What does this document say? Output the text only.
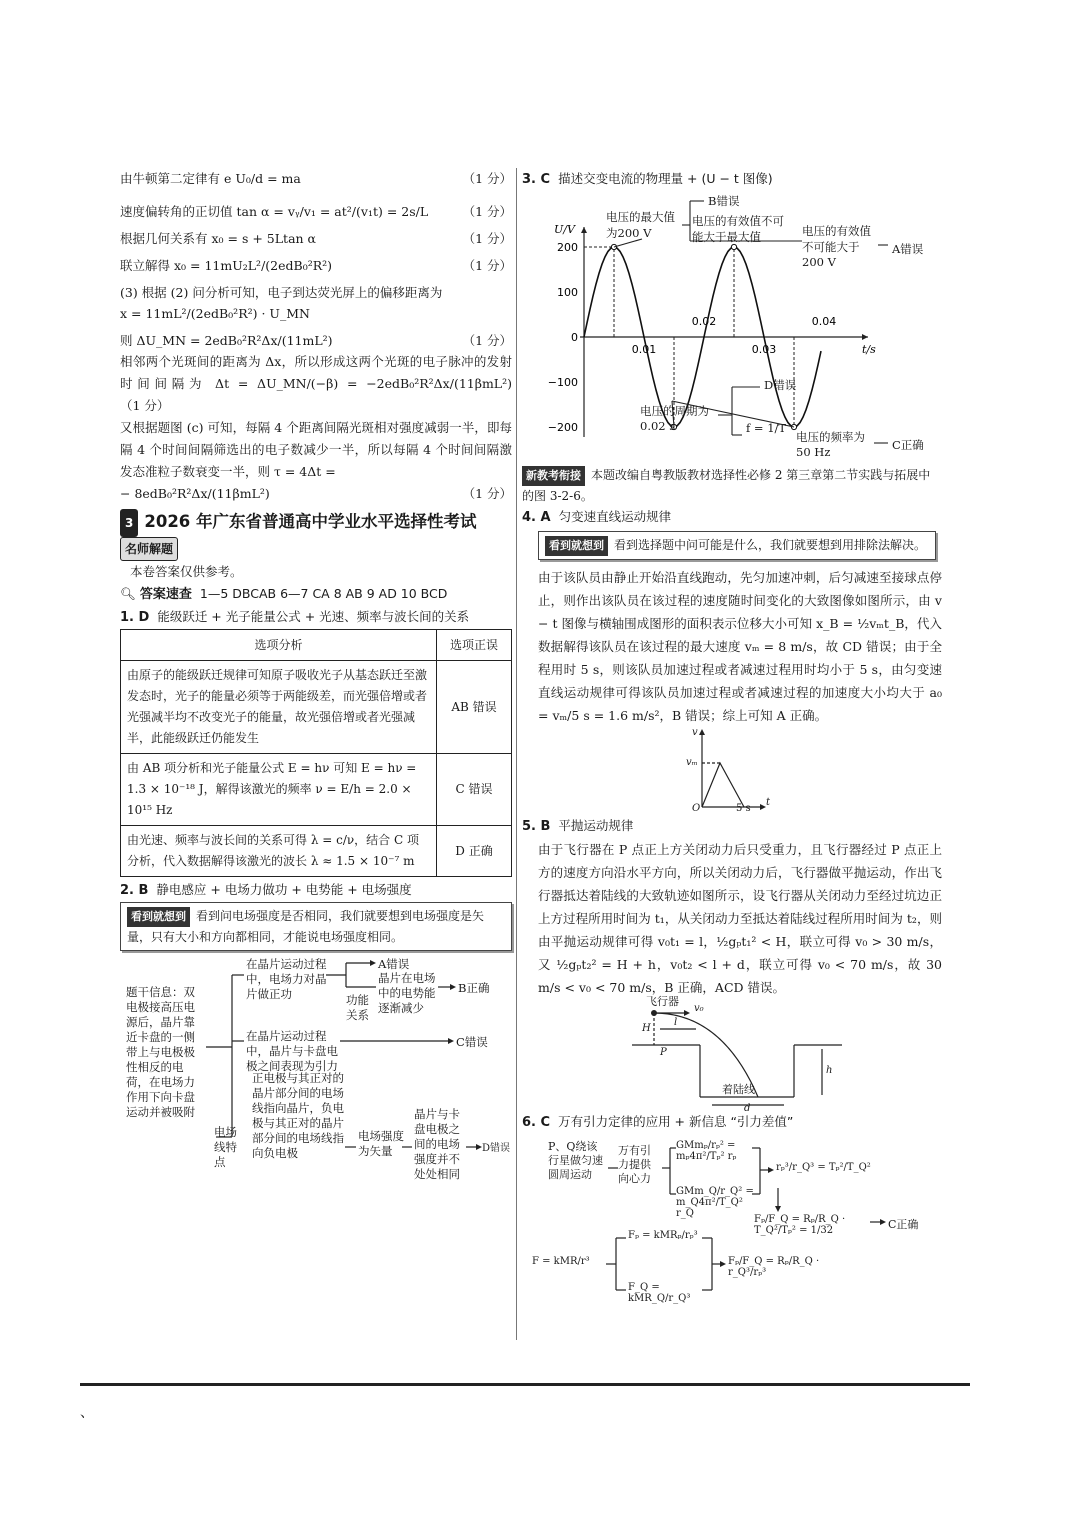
由牛顿第二定律有 e U₀/d = ma	（1 分）
速度偏转角的正切值 tan α = vᵧ/v₁ = at²/(v₁t) = 2s/L	（1 分）
根据几何关系有 x₀ = s + 5Ltan α	（1 分）
联立解得 x₀ = 11mU₂L²/(2edB₀²R²)	（1 分）
(3) 根据 (2) 问分析可知，电子到达荧光屏上的偏移距离为
x = 11mL²/(2edB₀²R²) · U_MN
则 ΔU_MN = 2edB₀²R²Δx/(11mL²)	（1 分）
相邻两个光斑间的距离为 Δx，所以形成这两个光斑的电子脉冲的发射时间间隔为 Δt = ΔU_MN/(−β) = −2edB₀²R²Δx/(11βmL²) （1 分）
又根据题图 (c) 可知，每隔 4 个距离间隔光斑相对强度减弱一半，即每隔 4 个时间间隔筛选出的电子数减少一半，所以每隔 4 个时间间隔激发态准粒子数衰变一半，则 τ = 4Δt =
− 8edB₀²R²Δx/(11βmL²)	（1 分）
3 2026 年广东省普通高中学业水平选择性考试
名师解题
本卷答案仅供参考。
🔍︎ 答案速查 1—5 DBCAB 6—7 CA 8 AB 9 AD 10 BCD
1. D 能级跃迁 + 光子能量公式 + 光速、频率与波长间的关系
选项分析	选项正误
由原子的能级跃迁规律可知原子吸收光子从基态跃迁至激发态时，光子的能量必须等于两能级差，而光强倍增或者光强减半均不改变光子的能量，故光强倍增或者光强减半，此能级跃迁仍能发生	AB 错误
由 AB 项分析和光子能量公式 E = hν 可知 E = hν = 1.3 × 10⁻¹⁸ J，解得该激光的频率 ν = E/h = 2.0 × 10¹⁵ Hz	C 错误
由光速、频率与波长间的关系可得 λ = c/ν，结合 C 项分析，代入数据解得该激光的波长 λ ≈ 1.5 × 10⁻⁷ m	D 正确
2. B 静电感应 + 电场力做功 + 电势能 + 电场强度
看到就想到 看到问电场强度是否相同，我们就要想到电场强度是矢量，只有大小和方向都相同，才能说电场强度相同。
题干信息：双电极接高压电源后，晶片靠近卡盘的一侧带上与电极极性相反的电荷，在电场力作用下向卡盘运动并被吸附
在晶片运动过程中，电场力对晶片做正功
A错误
功能关系
晶片在电场中的电势能逐渐减少
B正确
在晶片运动过程中，晶片与卡盘电极之间表现为引力
C错误
电场线特点
正电极与其正对的晶片部分间的电场线指向晶片，负电极与其正对的晶片部分间的电场线指向负电极
电场强度为矢量
晶片与卡盘电极之间的电场强度并不处处相同
D错误
3. C 描述交变电流的物理量 + (U − t 图像)
U/V
t/s
200
100
0
−100
−200
0.01
0.02
0.03
0.04
B错误
电压的最大值为200 V
电压的有效值不可能大于最大值	电压的有效值不可能大于200 V
A错误
D错误
电压的周期为0.02 s	f = 1/T
电压的频率为50 Hz	C正确
新教考衔接 本题改编自粤教版教材选择性必修 2 第三章第二节实践与拓展中的图 3-2-6。
4. A 匀变速直线运动规律
看到就想到 看到选择题中问可能是什么，我们就要想到用排除法解决。
由于该队员由静止开始沿直线跑动，先匀加速冲刺，后匀减速至接球点停止，则作出该队员在该过程的速度随时间变化的大致图像如图所示，由 v − t 图像与横轴围成图形的面积表示位移大小可知 x_B = ½vₘt_B，代入数据解得该队员在该过程的最大速度 vₘ = 8 m/s，故 CD 错误；由于全程用时 5 s，则该队员加速过程或者减速过程用时均小于 5 s，由匀变速直线运动规律可得该队员加速过程或者减速过程的加速度大小均大于 a₀ = vₘ/5 s = 1.6 m/s²，B 错误；综上可知 A 正确。
v
vₘ
O
t
5 s
5. B 平抛运动规律
由于飞行器在 P 点正上方关闭动力后只受重力，且飞行器经过 P 点正上方的速度方向沿水平方向，所以关闭动力后，飞行器做平抛运动，作出飞行器抵达着陆线的大致轨迹如图所示，设飞行器从关闭动力至经过坑边正上方过程所用时间为 t₁，从关闭动力至抵达着陆线过程所用时间为 t₂，则由平抛运动规律可得 v₀t₁ = l，½gₚt₁² < H，联立可得 v₀ > 30 m/s，又 ½gₚt₂² = H + h，v₀t₂ < l + d，联立可得 v₀ < 70 m/s，故 30 m/s < v₀ < 70 m/s，B 正确，ACD 错误。
飞行器
v₀
H
l
P
着陆线
h
d
6. C 万有引力定律的应用 + 新信息 “引力差值”
P、Q绕该行星做匀速圆周运动
万有引力提供向心力
GMmₚ/rₚ² = mₚ4π²/Tₚ² rₚ
GMm_Q/r_Q² = m_Q4π²/T_Q² r_Q
rₚ³/r_Q³ = Tₚ²/T_Q²
Fₚ/F_Q = Rₚ/R_Q · T_Q²/Tₚ² = 1/32	C正确
F = kMR/r³
Fₚ = kMRₚ/rₚ³
F_Q = kMR_Q/r_Q³
Fₚ/F_Q = Rₚ/R_Q · r_Q³/rₚ³
、
